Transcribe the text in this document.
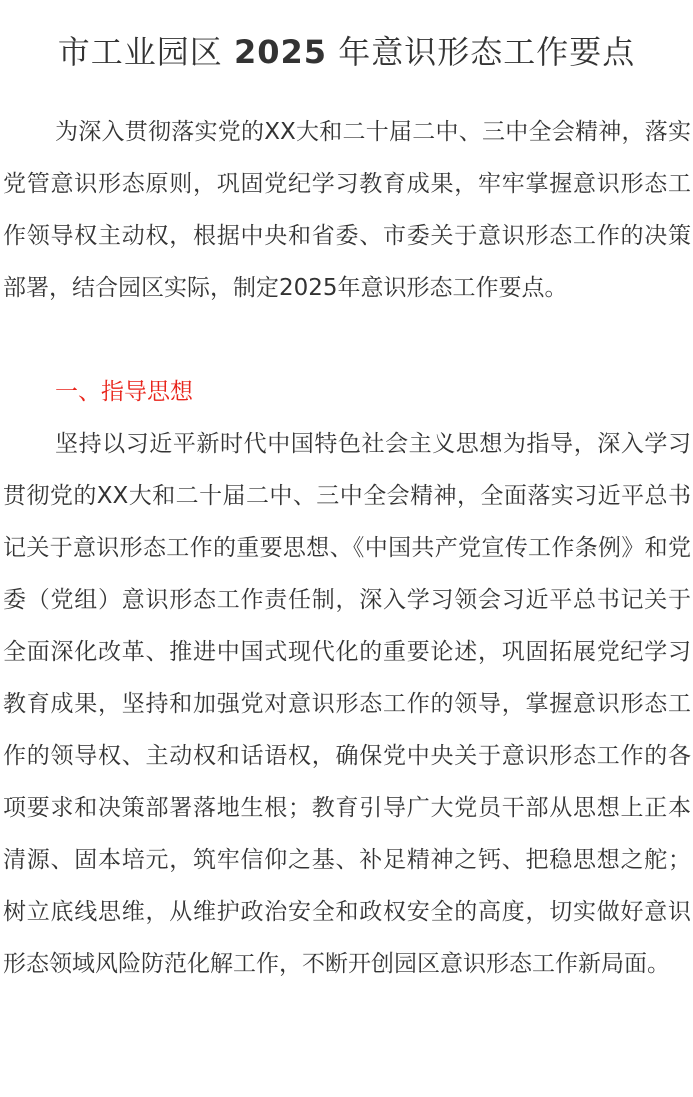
市工业园区 2025 年意识形态工作要点

为深入贯彻落实党的XX大和二十届二中、三中全会精神，落实党管意识形态原则，巩固党纪学习教育成果，牢牢掌握意识形态工作领导权主动权，根据中央和省委、市委关于意识形态工作的决策部署，结合园区实际，制定2025年意识形态工作要点。

一、指导思想

坚持以习近平新时代中国特色社会主义思想为指导，深入学习贯彻党的XX大和二十届二中、三中全会精神，全面落实习近平总书记关于意识形态工作的重要思想、《中国共产党宣传工作条例》和党委（党组）意识形态工作责任制，深入学习领会习近平总书记关于全面深化改革、推进中国式现代化的重要论述，巩固拓展党纪学习教育成果，坚持和加强党对意识形态工作的领导，掌握意识形态工作的领导权、主动权和话语权，确保党中央关于意识形态工作的各项要求和决策部署落地生根；教育引导广大党员干部从思想上正本清源、固本培元，筑牢信仰之基、补足精神之钙、把稳思想之舵；树立底线思维，从维护政治安全和政权安全的高度，切实做好意识形态领域风险防范化解工作，不断开创园区意识形态工作新局面。
